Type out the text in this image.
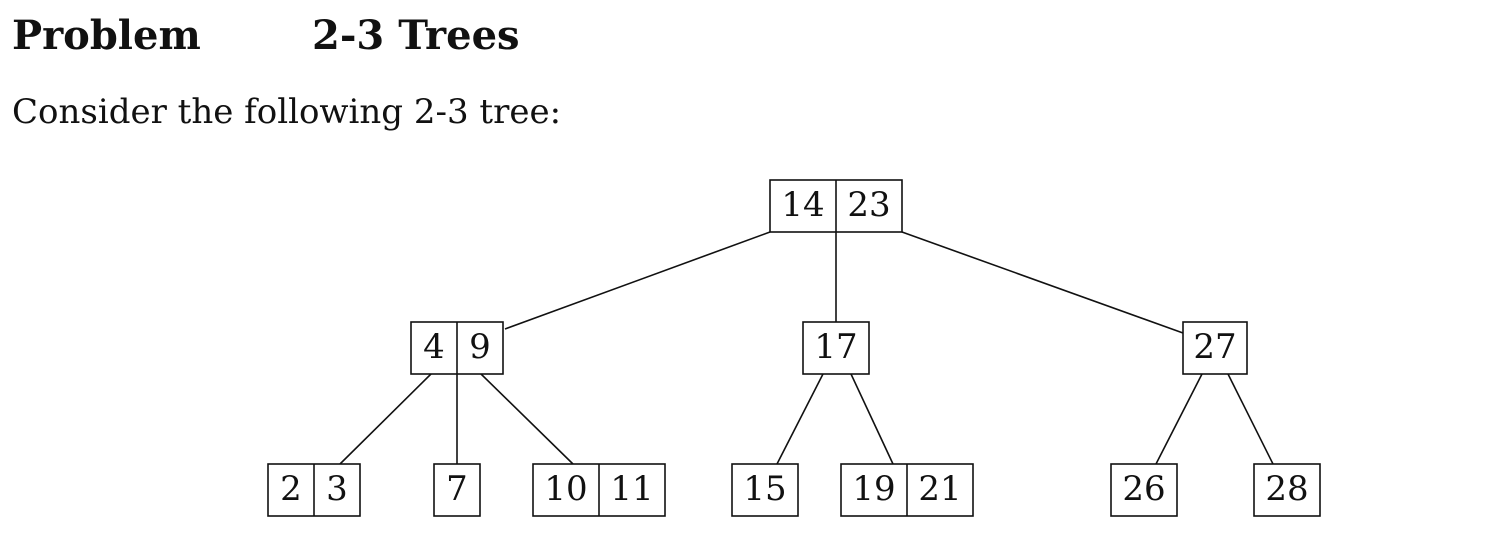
Problem	2-3 Trees
Consider the following 2-3 tree:
14 23
4 9	17	27
2 3	7 10 11	15 19 21	26	28
